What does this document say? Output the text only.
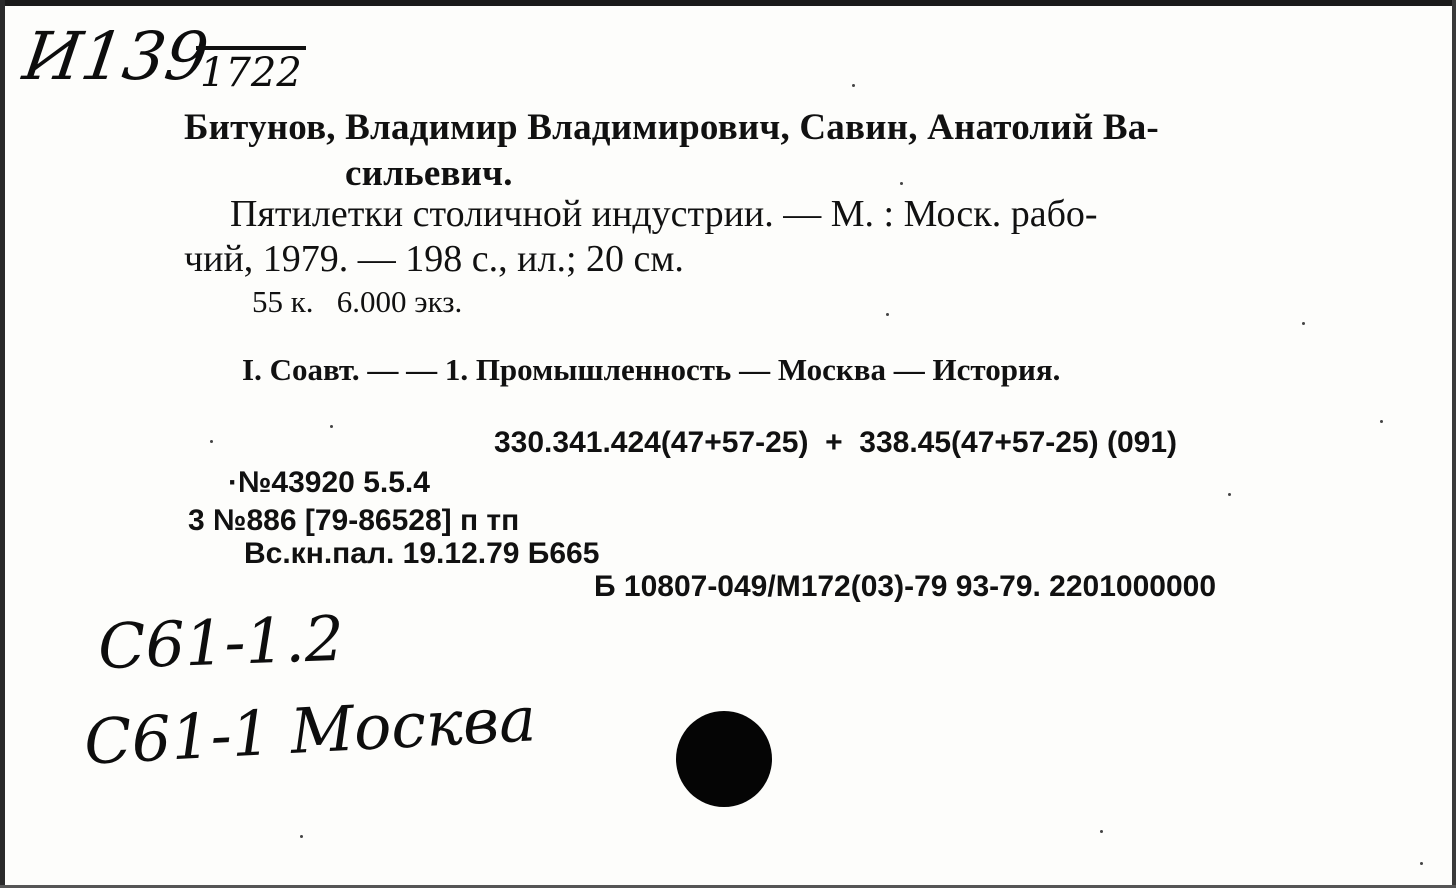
И139
1722
Битунов, Владимир Владимирович, Савин, Анатолий Ва-
сильевич.
Пятилетки столичной индустрии. — М. : Моск. рабо-
чий, 1979. — 198 с., ил.; 20 см.
55 к.   6.000 экз.
I. Соавт. — — 1. Промышленность — Москва — История.
330.341.424(47+57-25)  +  338.45(47+57-25) (091)
·№43920 5.5.4
3 №886 [79-86528] п тп
Вс.кн.пал. 19.12.79 Б665
Б 10807-049/М172(03)-79 93-79. 2201000000
С61-1.2
С61-1 Москва
